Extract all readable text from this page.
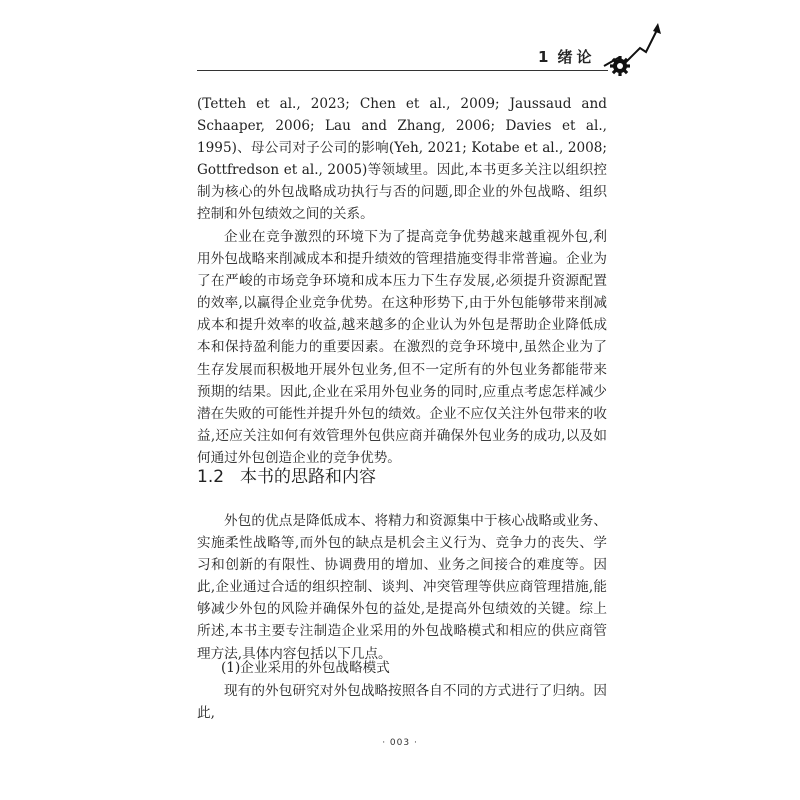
1 绪论

(Tetteh et al., 2023; Chen et al., 2009; Jaussaud and Schaaper, 2006; Lau and Zhang, 2006; Davies et al., 1995)、母公司对子公司的影响(Yeh, 2021; Kotabe et al., 2008; Gottfredson et al., 2005)等领域里。因此,本书更多关注以组织控制为核心的外包战略成功执行与否的问题,即企业的外包战略、组织控制和外包绩效之间的关系。

企业在竞争激烈的环境下为了提高竞争优势越来越重视外包,利用外包战略来削减成本和提升绩效的管理措施变得非常普遍。企业为了在严峻的市场竞争环境和成本压力下生存发展,必须提升资源配置的效率,以赢得企业竞争优势。在这种形势下,由于外包能够带来削减成本和提升效率的收益,越来越多的企业认为外包是帮助企业降低成本和保持盈利能力的重要因素。在激烈的竞争环境中,虽然企业为了生存发展而积极地开展外包业务,但不一定所有的外包业务都能带来预期的结果。因此,企业在采用外包业务的同时,应重点考虑怎样减少潜在失败的可能性并提升外包的绩效。企业不应仅关注外包带来的收益,还应关注如何有效管理外包供应商并确保外包业务的成功,以及如何通过外包创造企业的竞争优势。

1.2 本书的思路和内容

外包的优点是降低成本、将精力和资源集中于核心战略或业务、实施柔性战略等,而外包的缺点是机会主义行为、竞争力的丧失、学习和创新的有限性、协调费用的增加、业务之间接合的难度等。因此,企业通过合适的组织控制、谈判、冲突管理等供应商管理措施,能够减少外包的风险并确保外包的益处,是提高外包绩效的关键。综上所述,本书主要专注制造企业采用的外包战略模式和相应的供应商管理方法,具体内容包括以下几点。

(1)企业采用的外包战略模式

现有的外包研究对外包战略按照各自不同的方式进行了归纳。因此,

· 003 ·
